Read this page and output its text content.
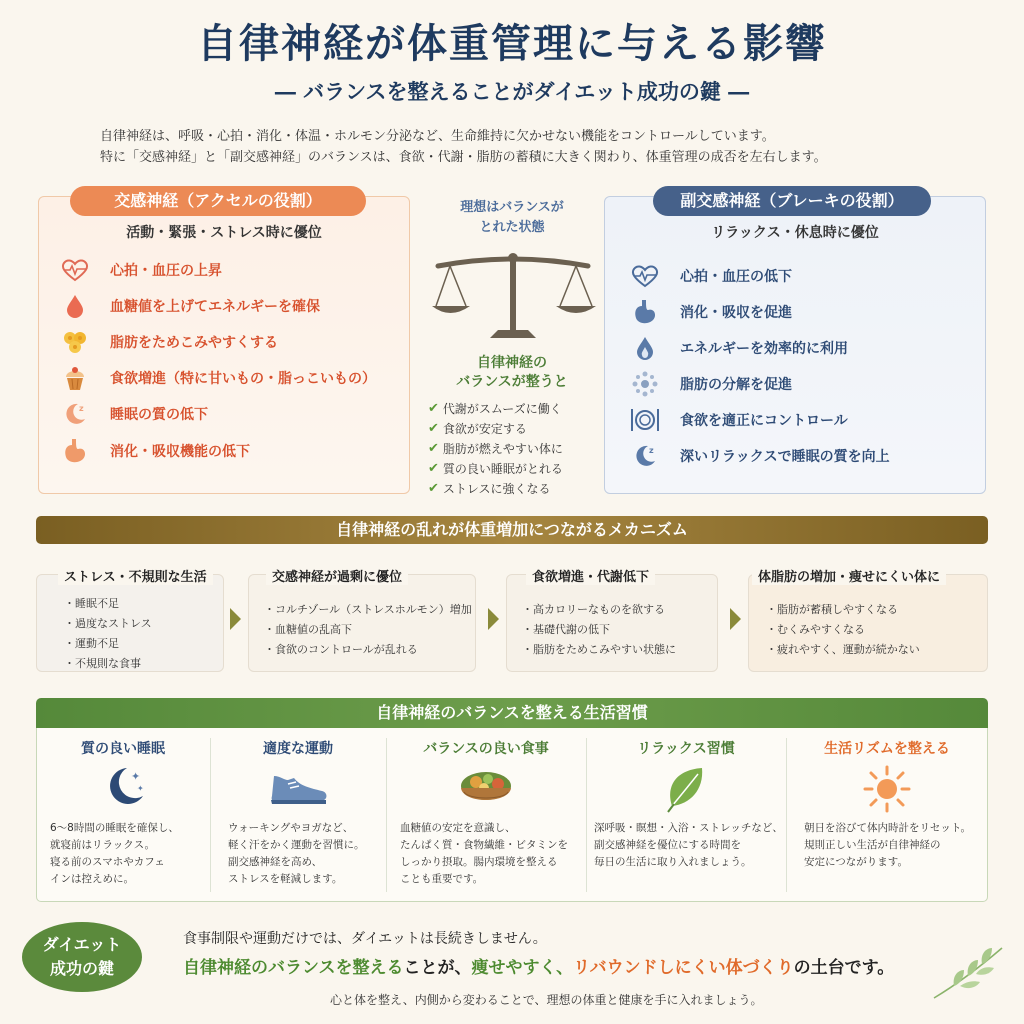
自律神経が体重管理に与える影響
― バランスを整えることがダイエット成功の鍵 ―
自律神経は、呼吸・心拍・消化・体温・ホルモン分泌など、生命維持に欠かせない機能をコントロールしています。
特に「交感神経」と「副交感神経」のバランスは、食欲・代謝・脂肪の蓄積に大きく関わり、体重管理の成否を左右します。
交感神経（アクセルの役割）
活動・緊張・ストレス時に優位
心拍・血圧の上昇
血糖値を上げてエネルギーを確保
脂肪をためこみやすくする
食欲増進（特に甘いもの・脂っこいもの）
z 睡眠の質の低下
消化・吸収機能の低下
理想はバランスが
とれた状態
自律神経の
バランスが整うと
✔ 代謝がスムーズに働く
✔ 食欲が安定する
✔ 脂肪が燃えやすい体に
✔ 質の良い睡眠がとれる
✔ ストレスに強くなる
副交感神経（ブレーキの役割）
リラックス・休息時に優位
心拍・血圧の低下
消化・吸収を促進
エネルギーを効率的に利用
脂肪の分解を促進
食欲を適正にコントロール
z 深いリラックスで睡眠の質を向上
自律神経の乱れが体重増加につながるメカニズム
ストレス・不規則な生活
・睡眠不足
・過度なストレス
・運動不足
・不規則な食事
交感神経が過剰に優位
・コルチゾール（ストレスホルモン）増加
・血糖値の乱高下
・食欲のコントロールが乱れる
食欲増進・代謝低下
・高カロリーなものを欲する
・基礎代謝の低下
・脂肪をためこみやすい状態に
体脂肪の増加・痩せにくい体に
・脂肪が蓄積しやすくなる
・むくみやすくなる
・疲れやすく、運動が続かない
自律神経のバランスを整える生活習慣
質の良い睡眠
✦
✦
6～8時間の睡眠を確保し、
就寝前はリラックス。
寝る前のスマホやカフェ
インは控えめに。
適度な運動
ウォーキングやヨガなど、
軽く汗をかく運動を習慣に。
副交感神経を高め、
ストレスを軽減します。
バランスの良い食事
血糖値の安定を意識し、
たんぱく質・食物繊維・ビタミンを
しっかり摂取。腸内環境を整える
ことも重要です。
リラックス習慣
深呼吸・瞑想・入浴・ストレッチなど、
副交感神経を優位にする時間を
毎日の生活に取り入れましょう。
生活リズムを整える
朝日を浴びて体内時計をリセット。
規則正しい生活が自律神経の
安定につながります。
ダイエット
成功の鍵
食事制限や運動だけでは、ダイエットは長続きしません。
自律神経のバランスを整えることが、痩せやすく、リバウンドしにくい体づくりの土台です。
心と体を整え、内側から変わることで、理想の体重と健康を手に入れましょう。
